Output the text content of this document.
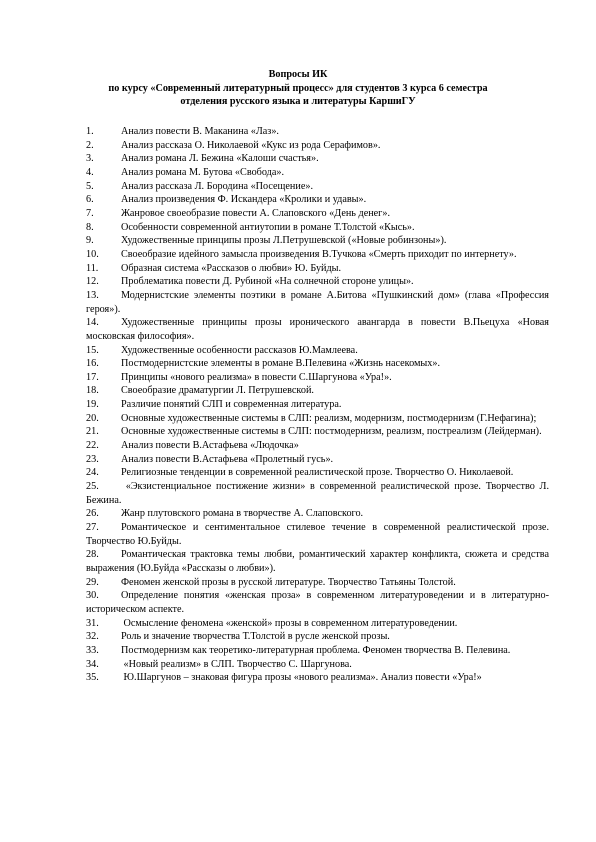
Вопросы ИК
по курсу «Современный литературный процесс» для студентов 3 курса 6 семестра
отделения русского языка и литературы КаршиГУ
1.	Анализ повести В. Маканина «Лаз».
2.	Анализ рассказа О. Николаевой «Кукс из рода Серафимов».
3.	Анализ романа Л. Бежина «Калоши счастья».
4.	Анализ романа М. Бутова «Свобода».
5.	Анализ рассказа Л. Бородина «Посещение».
6.	Анализ произведения Ф. Искандера «Кролики и удавы».
7.	Жанровое своеобразие повести А. Слаповского «День денег».
8.	Особенности современной антиутопии в романе Т.Толстой «Кысь».
9.	Художественные принципы прозы Л.Петрушевской («Новые робинзоны»).
10. Своеобразие идейного замысла произведения В.Тучкова «Смерть приходит по интернету».
11. Образная система «Рассказов о любви» Ю. Буйды.
12. Проблематика повести Д. Рубиной «На солнечной стороне улицы».
13. Модернистские элементы поэтики в романе А.Битова «Пушкинский дом» (глава «Профессия героя»).
14. Художественные принципы прозы иронического авангарда в повести В.Пьецуха «Новая московская философия».
15. Художественные особенности рассказов Ю.Мамлеева.
16. Постмодернистские элементы в романе В.Пелевина «Жизнь насекомых».
17. Принципы «нового реализма» в повести С.Шаргунова «Ура!».
18. Своеобразие драматургии Л. Петрушевской.
19. Различие понятий СЛП и современная литература.
20. Основные художественные системы в СЛП: реализм, модернизм, постмодернизм (Г.Нефагина);
21. Основные художественные системы в СЛП: постмодернизм, реализм, постреализм (Лейдерман).
22. Анализ повести В.Астафьева «Людочка»
23. Анализ повести В.Астафьева «Пролетный гусь».
24. Религиозные тенденции в современной реалистической прозе. Творчество О. Николаевой.
25. «Экзистенциальное постижение жизни» в современной реалистической прозе. Творчество Л. Бежина.
26. Жанр плутовского романа в творчестве А. Слаповского.
27. Романтическое и сентиментальное стилевое течение в современной реалистической прозе. Творчество Ю.Буйды.
28. Романтическая трактовка темы любви, романтический характер конфликта, сюжета и средства выражения (Ю.Буйда «Рассказы о любви»).
29. Феномен женской прозы в русской литературе. Творчество Татьяны Толстой.
30. Определение понятия «женская проза» в современном литературоведении и в литературно-историческом аспекте.
31. Осмысление феномена «женской» прозы в современном литературоведении.
32. Роль и значение творчества Т.Толстой в русле женской прозы.
33. Постмодернизм как теоретико-литературная проблема. Феномен творчества В. Пелевина.
34. «Новый реализм» в СЛП. Творчество С. Шаргунова.
35. Ю.Шаргунов – знаковая фигура прозы «нового реализма». Анализ повести «Ура!»
